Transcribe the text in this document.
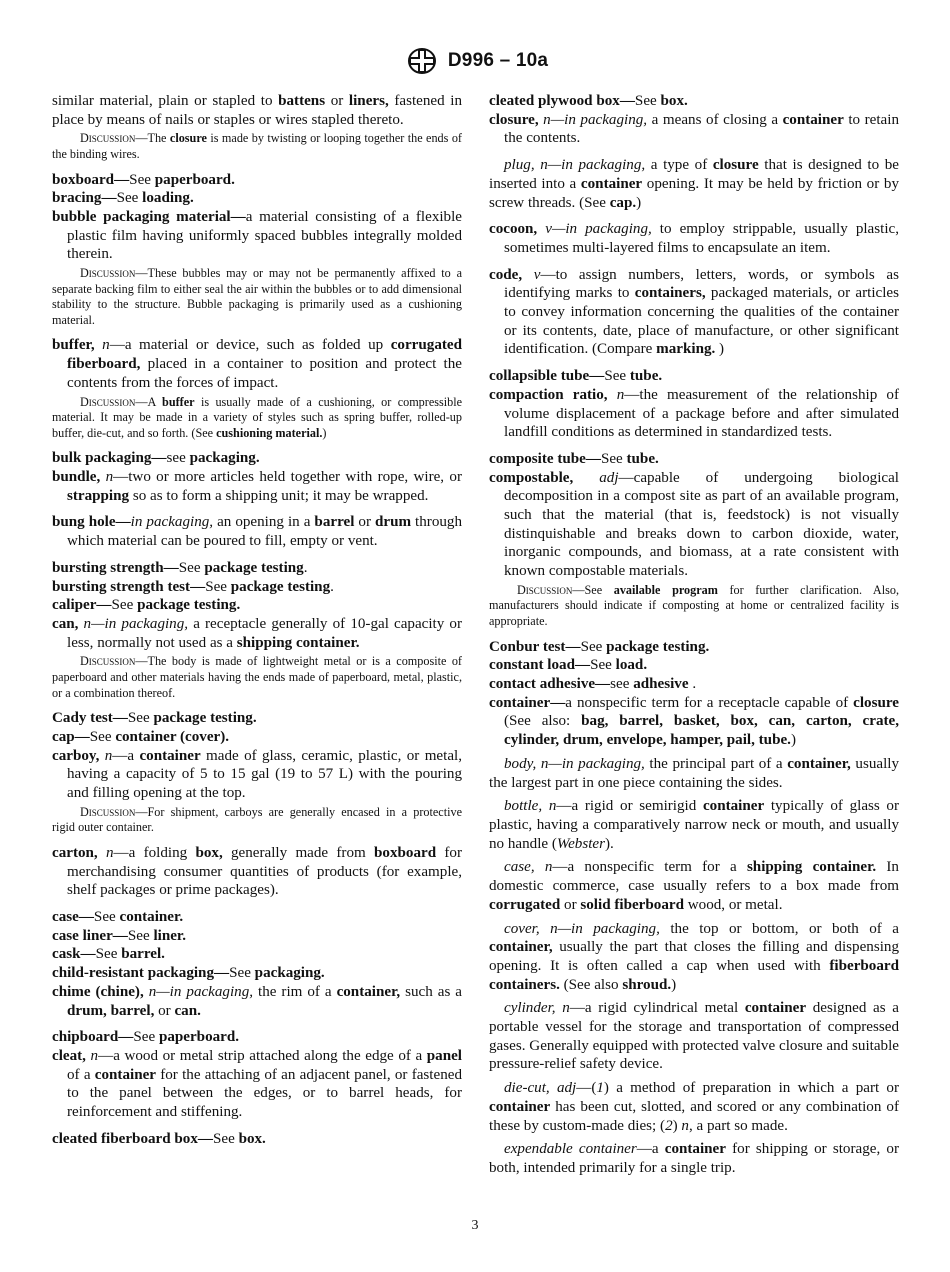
D996 – 10a

similar material, plain or stapled to battens or liners, fastened in place by means of nails or staples or wires stapled thereto.

Discussion—The closure is made by twisting or looping together the ends of the binding wires.

boxboard—See paperboard.

bracing—See loading.

bubble packaging material—a material consisting of a flexible plastic film having uniformly spaced bubbles integrally molded therein.

Discussion—These bubbles may or may not be permanently affixed to a separate backing film to either seal the air within the bubbles or to add dimensional stability to the structure. Bubble packaging is primarily used as a cushioning material.

buffer, n—a material or device, such as folded up corrugated fiberboard, placed in a container to position and protect the contents from the forces of impact.

Discussion—A buffer is usually made of a cushioning, or compressible material. It may be made in a variety of styles such as spring buffer, rolled-up buffer, die-cut, and so forth. (See cushioning material.)

bulk packaging—see packaging.

bundle, n—two or more articles held together with rope, wire, or strapping so as to form a shipping unit; it may be wrapped.

bung hole—in packaging, an opening in a barrel or drum through which material can be poured to fill, empty or vent.

bursting strength—See package testing.

bursting strength test—See package testing.

caliper—See package testing.

can, n—in packaging, a receptacle generally of 10-gal capacity or less, normally not used as a shipping container.

Discussion—The body is made of lightweight metal or is a composite of paperboard and other materials having the ends made of paperboard, metal, plastic, or a combination thereof.

Cady test—See package testing.

cap—See container (cover).

carboy, n—a container made of glass, ceramic, plastic, or metal, having a capacity of 5 to 15 gal (19 to 57 L) with the pouring and filling opening at the top.

Discussion—For shipment, carboys are generally encased in a protective rigid outer container.

carton, n—a folding box, generally made from boxboard for merchandising consumer quantities of products (for example, shelf packages or prime packages).

case—See container.

case liner—See liner.

cask—See barrel.

child-resistant packaging—See packaging.

chime (chine), n—in packaging, the rim of a container, such as a drum, barrel, or can.

chipboard—See paperboard.

cleat, n—a wood or metal strip attached along the edge of a panel of a container for the attaching of an adjacent panel, or fastened to the panel between the edges, or to barrel heads, for reinforcement and stiffening.

cleated fiberboard box—See box.

cleated plywood box—See box.

closure, n—in packaging, a means of closing a container to retain the contents.

plug, n—in packaging, a type of closure that is designed to be inserted into a container opening. It may be held by friction or by screw threads. (See cap.)

cocoon, v—in packaging, to employ strippable, usually plastic, sometimes multi-layered films to encapsulate an item.

code, v—to assign numbers, letters, words, or symbols as identifying marks to containers, packaged materials, or articles to convey information concerning the qualities of the container or its contents, date, place of manufacture, or other significant identification. (Compare marking. )

collapsible tube—See tube.

compaction ratio, n—the measurement of the relationship of volume displacement of a package before and after simulated landfill conditions as determined in standardized tests.

composite tube—See tube.

compostable, adj—capable of undergoing biological decomposition in a compost site as part of an available program, such that the material (that is, feedstock) is not visually distinquishable and breaks down to carbon dioxide, water, inorganic compounds, and biomass, at a rate consistent with known compostable materials.

Discussion—See available program for further clarification. Also, manufacturers should indicate if composting at home or centralized facility is appropriate.

Conbur test—See package testing.

constant load—See load.

contact adhesive—see adhesive .

container—a nonspecific term for a receptacle capable of closure (See also: bag, barrel, basket, box, can, carton, crate, cylinder, drum, envelope, hamper, pail, tube.)

body, n—in packaging, the principal part of a container, usually the largest part in one piece containing the sides.

bottle, n—a rigid or semirigid container typically of glass or plastic, having a comparatively narrow neck or mouth, and usually no handle (Webster).

case, n—a nonspecific term for a shipping container. In domestic commerce, case usually refers to a box made from corrugated or solid fiberboard wood, or metal.

cover, n—in packaging, the top or bottom, or both of a container, usually the part that closes the filling and dispensing opening. It is often called a cap when used with fiberboard containers. (See also shroud.)

cylinder, n—a rigid cylindrical metal container designed as a portable vessel for the storage and transportation of compressed gases. Generally equipped with protected valve closure and suitable pressure-relief safety device.

die-cut, adj—(1) a method of preparation in which a part or container has been cut, slotted, and scored or any combination of these by custom-made dies; (2) n, a part so made.

expendable container—a container for shipping or storage, or both, intended primarily for a single trip.

3
